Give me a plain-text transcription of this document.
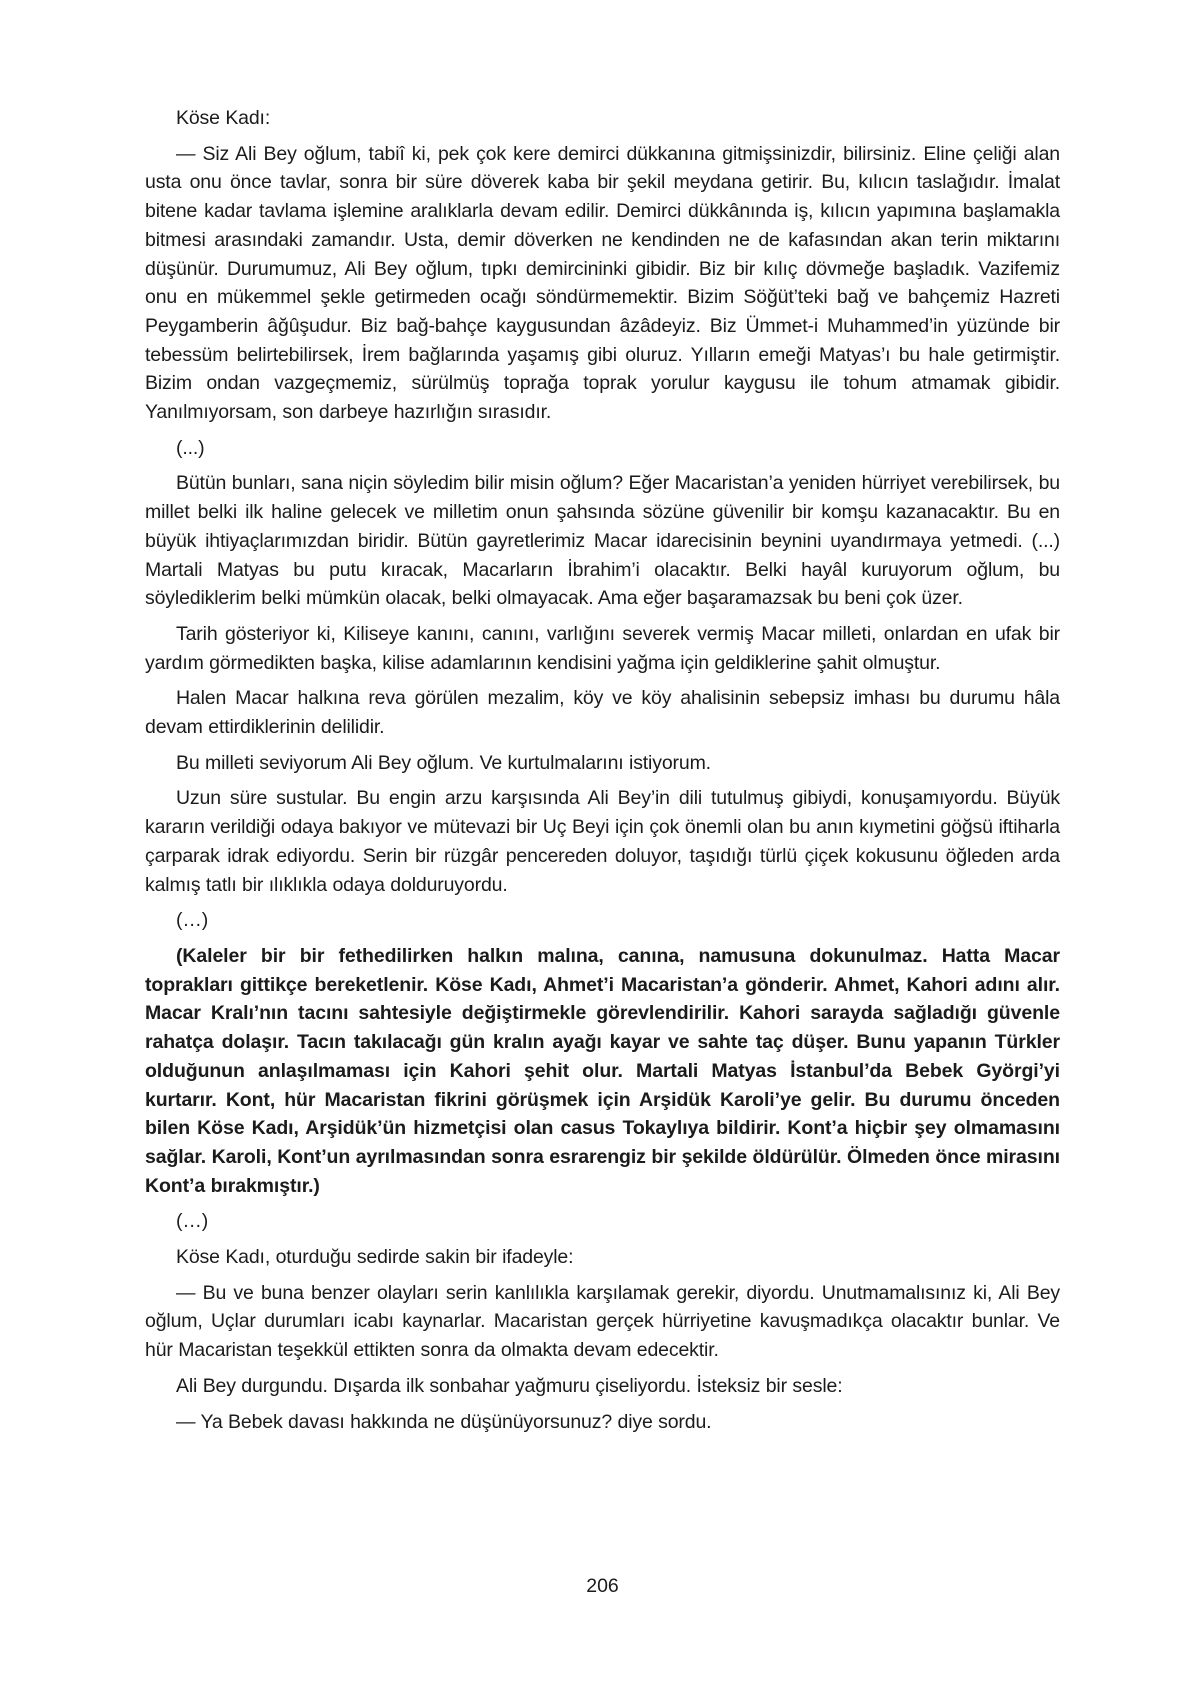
Köse Kadı:

— Siz Ali Bey oğlum, tabiî ki, pek çok kere demirci dükkanına gitmişsinizdir, bilirsiniz. Eline çeliği alan usta onu önce tavlar, sonra bir süre döverek kaba bir şekil meydana getirir. Bu, kılıcın taslağıdır. İmalat bitene kadar tavlama işlemine aralıklarla devam edilir. Demirci dükkânında iş, kılıcın yapımına başlamakla bitmesi arasındaki zamandır. Usta, demir döverken ne kendinden ne de kafasından akan terin miktarını düşünür. Durumumuz, Ali Bey oğlum, tıpkı demircininki gibidir. Biz bir kılıç dövmeğe başladık. Vazifemiz onu en mükemmel şekle getirmeden ocağı söndürmemektir. Bizim Söğüt’teki bağ ve bahçemiz Hazreti Peygamberin âğûşudur. Biz bağ-bahçe kaygusundan âzâdeyiz. Biz Ümmet-i Muhammed’in yüzünde bir tebessüm belirtebilirsek, İrem bağlarında yaşamış gibi oluruz. Yılların emeği Matyas’ı bu hale getirmiştir. Bizim ondan vazgeçmemiz, sürülmüş toprağa toprak yorulur kaygusu ile tohum atmamak gibidir. Yanılmıyorsam, son darbeye hazırlığın sırasıdır.

(...)

Bütün bunları, sana niçin söyledim bilir misin oğlum? Eğer Macaristan’a yeniden hürriyet verebilirsek, bu millet belki ilk haline gelecek ve milletim onun şahsında sözüne güvenilir bir komşu kazanacaktır. Bu en büyük ihtiyaçlarımızdan biridir. Bütün gayretlerimiz Macar idarecisinin beynini uyandırmaya yetmedi. (...) Martali Matyas bu putu kıracak, Macarların İbrahim’i olacaktır. Belki hayâl kuruyorum oğlum, bu söylediklerim belki mümkün olacak, belki olmayacak. Ama eğer başaramazsak bu beni çok üzer.

Tarih gösteriyor ki, Kiliseye kanını, canını, varlığını severek vermiş Macar milleti, onlardan en ufak bir yardım görmedikten başka, kilise adamlarının kendisini yağma için geldiklerine şahit olmuştur.

Halen Macar halkına reva görülen mezalim, köy ve köy ahalisinin sebepsiz imhası bu durumu hâla devam ettirdiklerinin delilidir.

Bu milleti seviyorum Ali Bey oğlum. Ve kurtulmalarını istiyorum.

Uzun süre sustular. Bu engin arzu karşısında Ali Bey’in dili tutulmuş gibiydi, konuşamıyordu. Büyük kararın verildiği odaya bakıyor ve mütevazi bir Uç Beyi için çok önemli olan bu anın kıymetini göğsü iftiharla çarparak idrak ediyordu. Serin bir rüzgâr pencereden doluyor, taşıdığı türlü çiçek kokusunu öğleden arda kalmış tatlı bir ılıklıkla odaya dolduruyordu.

(…)

(Kaleler bir bir fethedilirken halkın malına, canına, namusuna dokunulmaz. Hatta Macar toprakları gittikçe bereketlenir. Köse Kadı, Ahmet’i Macaristan’a gönderir. Ahmet, Kahori adını alır. Macar Kralı’nın tacını sahtesiyle değiştirmekle görevlendirilir. Kahori sarayda sağladığı güvenle rahatça dolaşır. Tacın takılacağı gün kralın ayağı kayar ve sahte taç düşer. Bunu yapanın Türkler olduğunun anlaşılmaması için Kahori şehit olur. Martali Matyas İstanbul’da Bebek Györgi’yi kurtarır. Kont, hür Macaristan fikrini görüşmek için Arşidük Karoli’ye gelir. Bu durumu önceden bilen Köse Kadı, Arşidük’ün hizmetçisi olan casus Tokaylıya bildirir. Kont’a hiçbir şey olmamasını sağlar. Karoli, Kont’un ayrılmasından sonra esrarengiz bir şekilde öldürülür. Ölmeden önce mirasını Kont’a bırakmıştır.)

(…)

Köse Kadı, oturduğu sedirde sakin bir ifadeyle:

— Bu ve buna benzer olayları serin kanlılıkla karşılamak gerekir, diyordu. Unutmamalısınız ki, Ali Bey oğlum, Uçlar durumları icabı kaynarlar. Macaristan gerçek hürriyetine kavuşmadıkça olacaktır bunlar. Ve hür Macaristan teşekkül ettikten sonra da olmakta devam edecektir.

Ali Bey durgundu. Dışarda ilk sonbahar yağmuru çiseliyordu. İsteksiz bir sesle:

— Ya Bebek davası hakkında ne düşünüyorsunuz? diye sordu.

206
